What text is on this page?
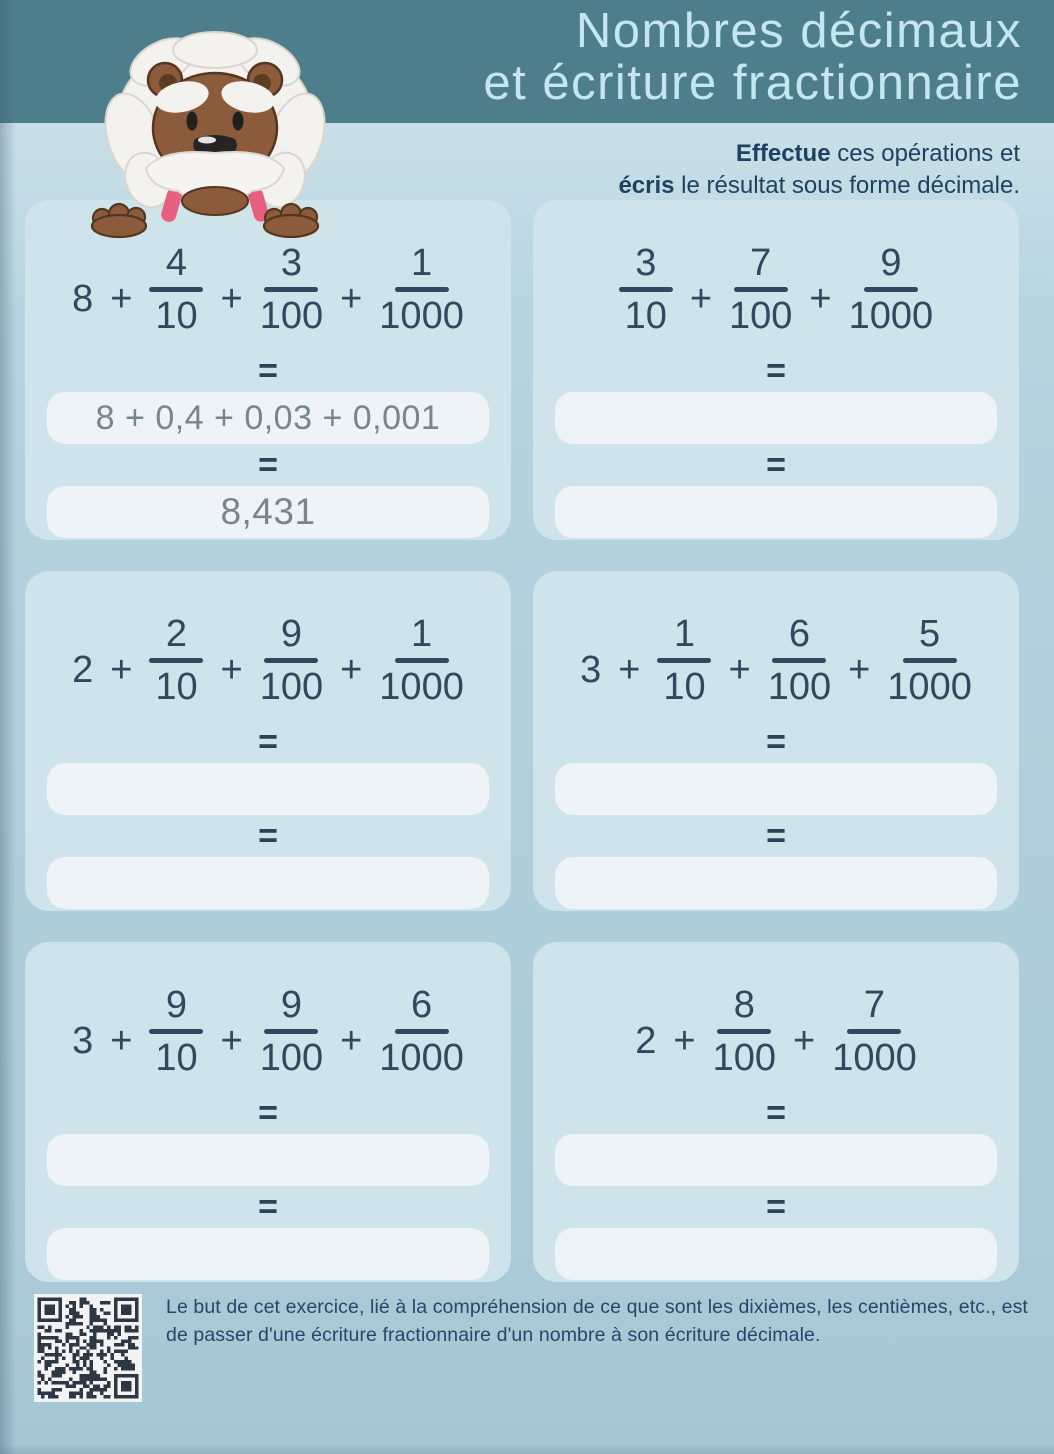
Nombres décimaux
et écriture fractionnaire
Effectue ces opérations et
écris le résultat sous forme décimale.
8 +
4
10 +
3
100 +
1
1000
=
8 + 0,4 + 0,03 + 0,001
=
8,431
3
10 +
7
100 +
9
1000
=
=
2 +
2
10 +
9
100 +
1
1000
=
=
3 +
1
10 +
6
100 +
5
1000
=
=
3 +
9
10 +
9
100 +
6
1000
=
=
2 +
8
100 +
7
1000
=
=
Le but de cet exercice, lié à la compréhension de ce que sont les dixièmes, les centièmes, etc., est
de passer d'une écriture fractionnaire d'un nombre à son écriture décimale.
